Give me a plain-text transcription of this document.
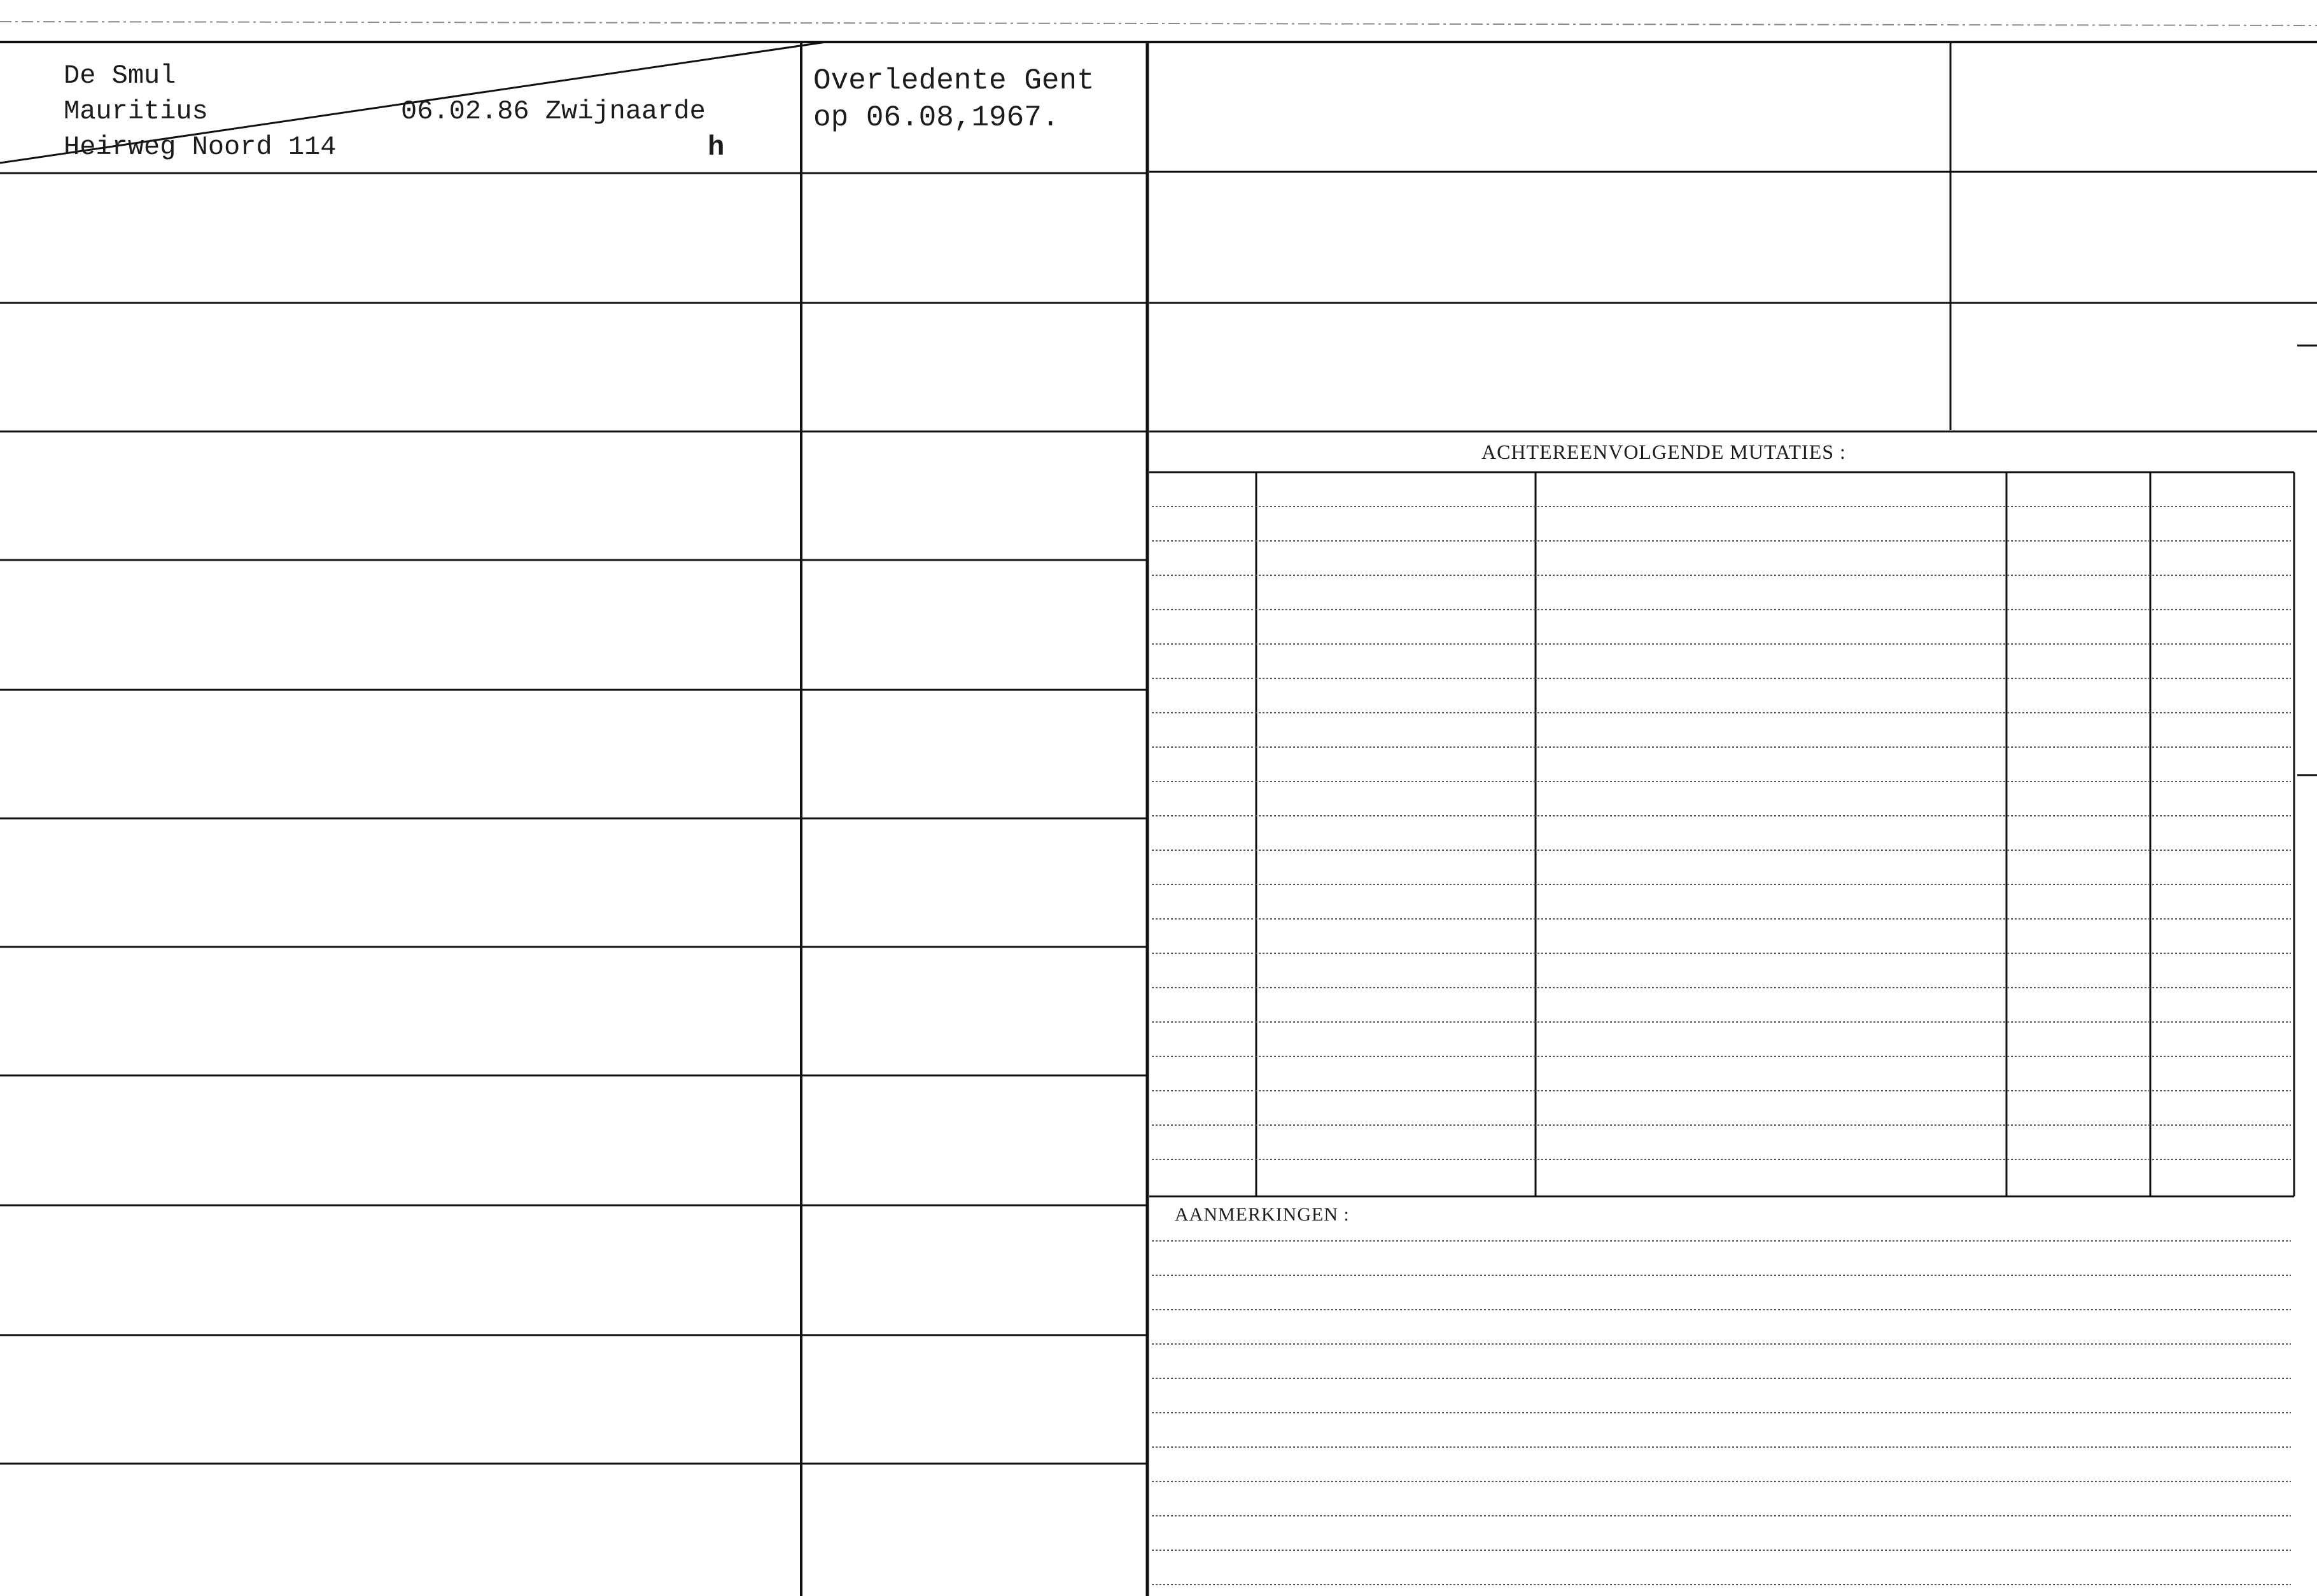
De Smul
Mauritius	06.02.86 Zwijnaarde
Heirweg Noord 114	h
Overledente Gent
op 06.08,1967.
ACHTEREENVOLGENDE MUTATIES :
AANMERKINGEN :
